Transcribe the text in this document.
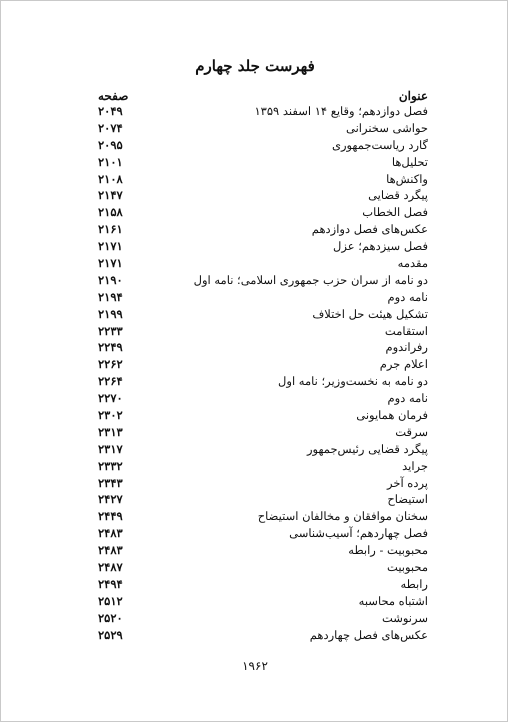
فهرست جلد چهارم
عنوان
صفحه
فصل دوازدهم؛ وقایع ۱۴ اسفند ۱۳۵۹
۲۰۴۹
حواشی سخنرانی
۲۰۷۴
گارد ریاست‌جمهوری
۲۰۹۵
تحلیل‌ها
۲۱۰۱
واکنش‌ها
۲۱۰۸
پیگرد قضایی
۲۱۴۷
فصل الخطاب
۲۱۵۸
عکس‌های فصل دوازدهم
۲۱۶۱
فصل سیزدهم؛ عزل
۲۱۷۱
مقدمه
۲۱۷۱
دو نامه از سران حزب جمهوری اسلامی؛ نامه اول
۲۱۹۰
نامه دوم
۲۱۹۴
تشکیل هیئت حل اختلاف
۲۱۹۹
استقامت
۲۲۳۳
رفراندوم
۲۲۴۹
اعلام جرم
۲۲۶۲
دو نامه به نخست‌وزیر؛ نامه اول
۲۲۶۴
نامه دوم
۲۲۷۰
فرمان همایونی
۲۳۰۲
سرقت
۲۳۱۳
پیگرد قضایی رئیس‌جمهور
۲۳۱۷
جراید
۲۳۳۲
پرده آخر
۲۳۴۳
استیضاح
۲۴۲۷
سخنان موافقان و مخالفان استیضاح
۲۴۴۹
فصل چهاردهم؛ آسیب‌شناسی
۲۴۸۳
محبوبیت - رابطه
۲۴۸۳
محبوبیت
۲۴۸۷
رابطه
۲۴۹۴
اشتباه محاسبه
۲۵۱۲
سرنوشت
۲۵۲۰
عکس‌های فصل چهاردهم
۲۵۲۹
۱۹۶۲
